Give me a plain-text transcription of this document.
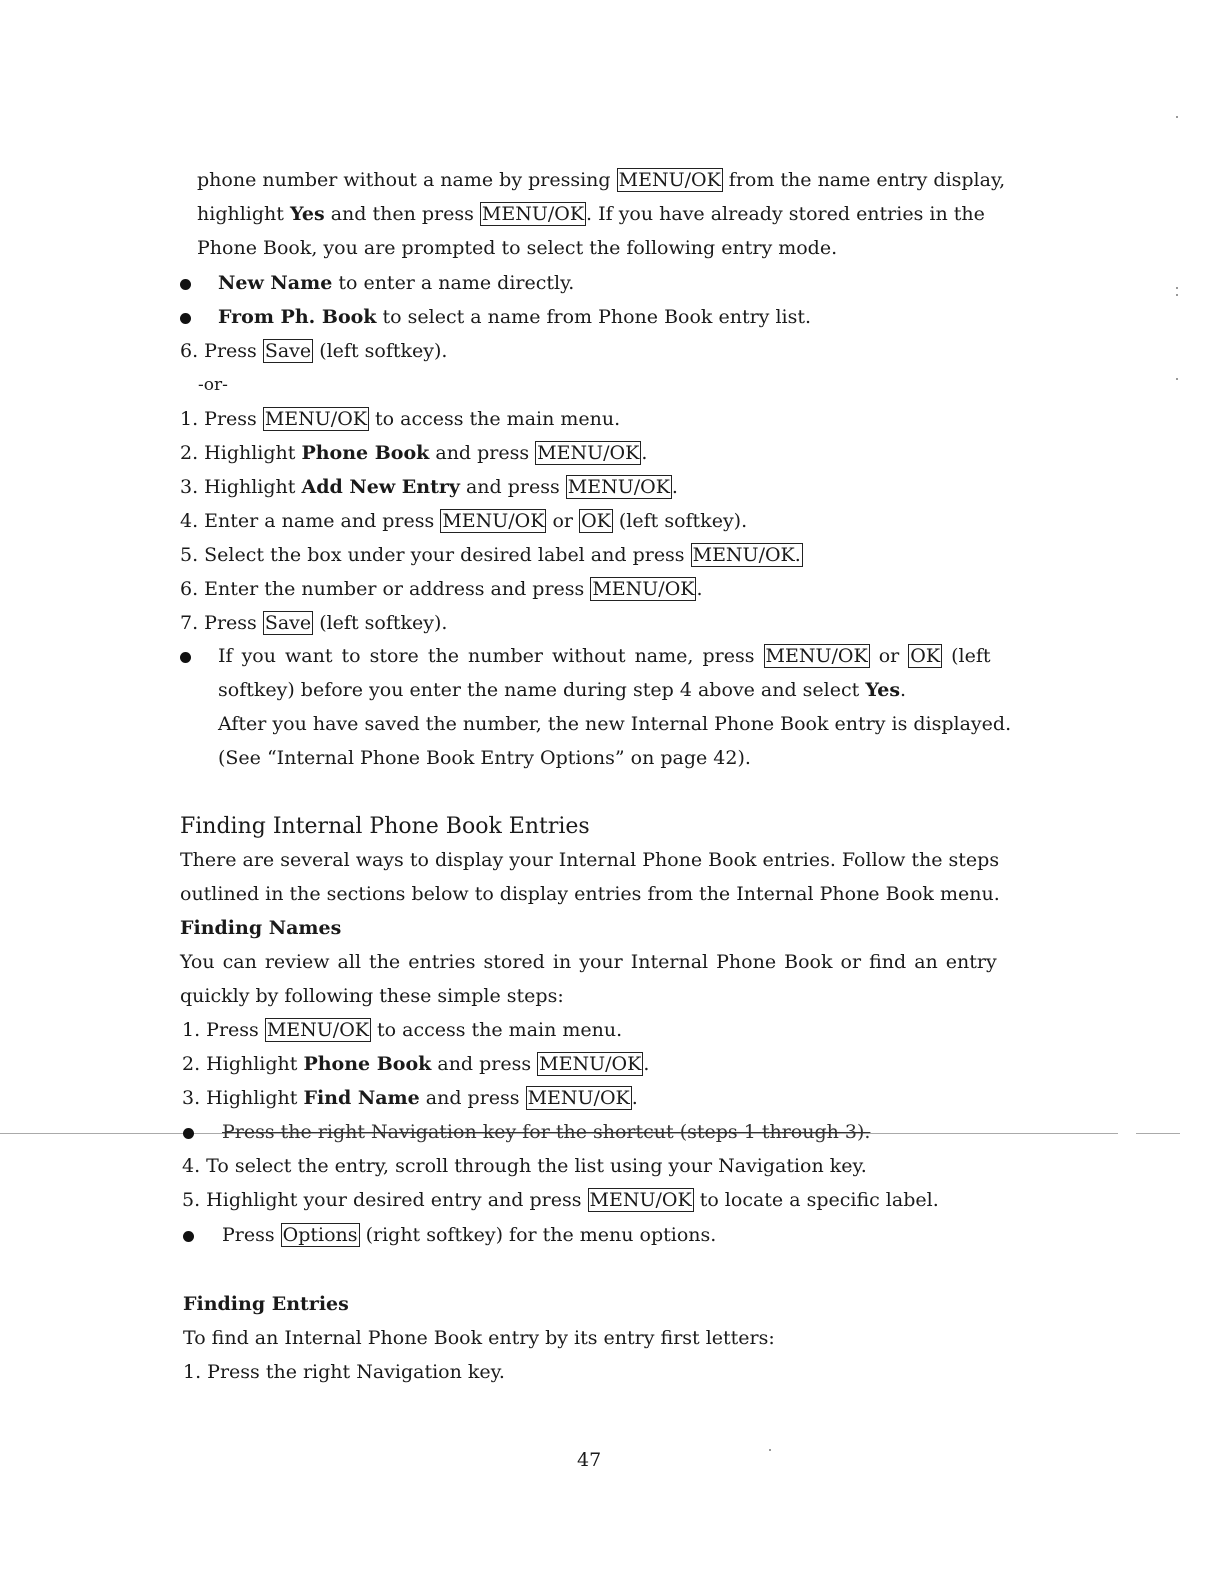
phone number without a name by pressing MENU/OK from the name entry display,
highlight Yes and then press MENU/OK . If you have already stored entries in the
Phone Book, you are prompted to select the following entry mode.
New Name to enter a name directly.
From Ph. Book to select a name from Phone Book entry list.
6. Press Save (left softkey).
-or-
1. Press MENU/OK to access the main menu.
2. Highlight Phone Book and press MENU/OK .
3. Highlight Add New Entry and press MENU/OK .
4. Enter a name and press MENU/OK or OK (left softkey).
5. Select the box under your desired label and press MENU/OK.
6. Enter the number or address and press MENU/OK .
7. Press Save (left softkey).
If you want to store the number without name, press MENU/OK or OK (left
softkey) before you enter the name during step 4 above and select Yes.
After you have saved the number, the new Internal Phone Book entry is displayed.
(See “Internal Phone Book Entry Options” on page 42).
Finding Internal Phone Book Entries
There are several ways to display your Internal Phone Book entries. Follow the steps
outlined in the sections below to display entries from the Internal Phone Book menu.
Finding Names
You can review all the entries stored in your Internal Phone Book or find an entry
quickly by following these simple steps:
1. Press MENU/OK to access the main menu.
2. Highlight Phone Book and press MENU/OK .
3. Highlight Find Name and press MENU/OK .
Press the right Navigation key for the shortcut (steps 1 through 3).
4. To select the entry, scroll through the list using your Navigation key.
5. Highlight your desired entry and press MENU/OK to locate a specific label.
Press Options (right softkey) for the menu options.
Finding Entries
To find an Internal Phone Book entry by its entry first letters:
1. Press the right Navigation key.
47
